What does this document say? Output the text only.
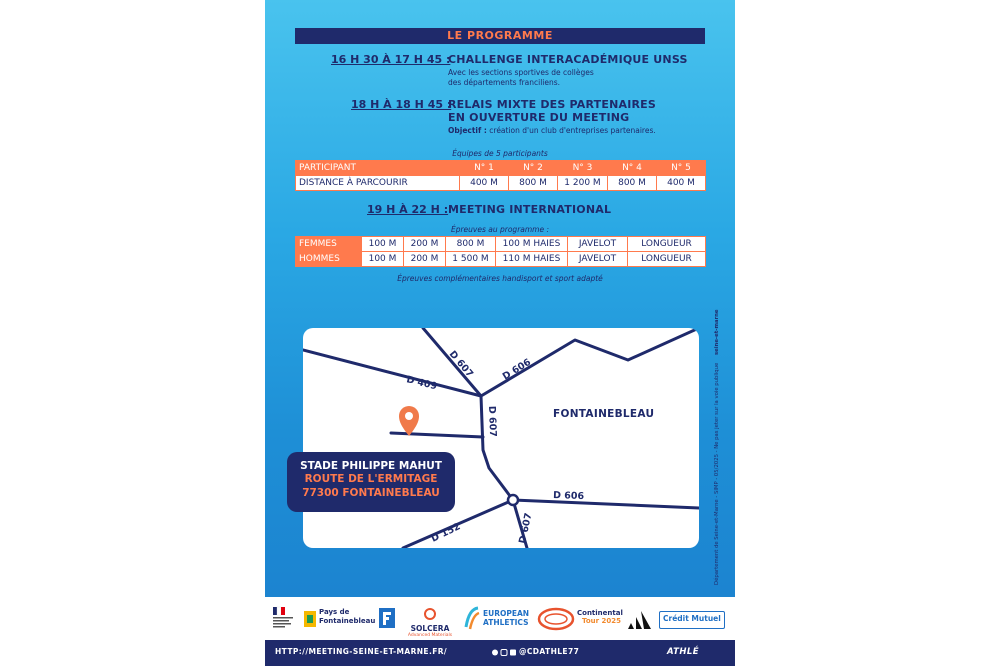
LE PROGRAMME
16 H 30 À 17 H 45 :
CHALLENGE INTERACADÉMIQUE UNSS
Avec les sections sportives de collèges
des départements franciliens.
18 H À 18 H 45 :
RELAIS MIXTE DES PARTENAIRES
EN OUVERTURE DU MEETING
Objectif : création d'un club d'entreprises partenaires.
Équipes de 5 participants
PARTICIPANT	N° 1	N° 2	N° 3	N° 4	N° 5
DISTANCE À PARCOURIR	400 M	800 M	1 200 M	800 M	400 M
19 H À 22 H : MEETING INTERNATIONAL
Épreuves au programme :
FEMMES	100 M	200 M	800 M	100 M HAIES	JAVELOT	LONGUEUR
HOMMES	100 M	200 M	1 500 M	110 M HAIES	JAVELOT	LONGUEUR
Épreuves complémentaires handisport et sport adapté
D 409
D 607	D 606
D 607
D 606
D 152	D 607
FONTAINEBLEAU
STADE PHILIPPE MAHUT
ROUTE DE L'ERMITAGE
77300 FONTAINEBLEAU
seine-et-marne
Département de Seine-et-Marne - SIMP - 05/2025 - Ne pas jeter sur la voie publique
Pays de
Fontainebleau
SOLCERA
Advanced Materials
EUROPEAN
ATHLETICS
Continental
Tour 2025	Crédit Mutuel
HTTP://MEETING-SEINE-ET-MARNE.FR/	@CDATHLE77	ATHLÉ
